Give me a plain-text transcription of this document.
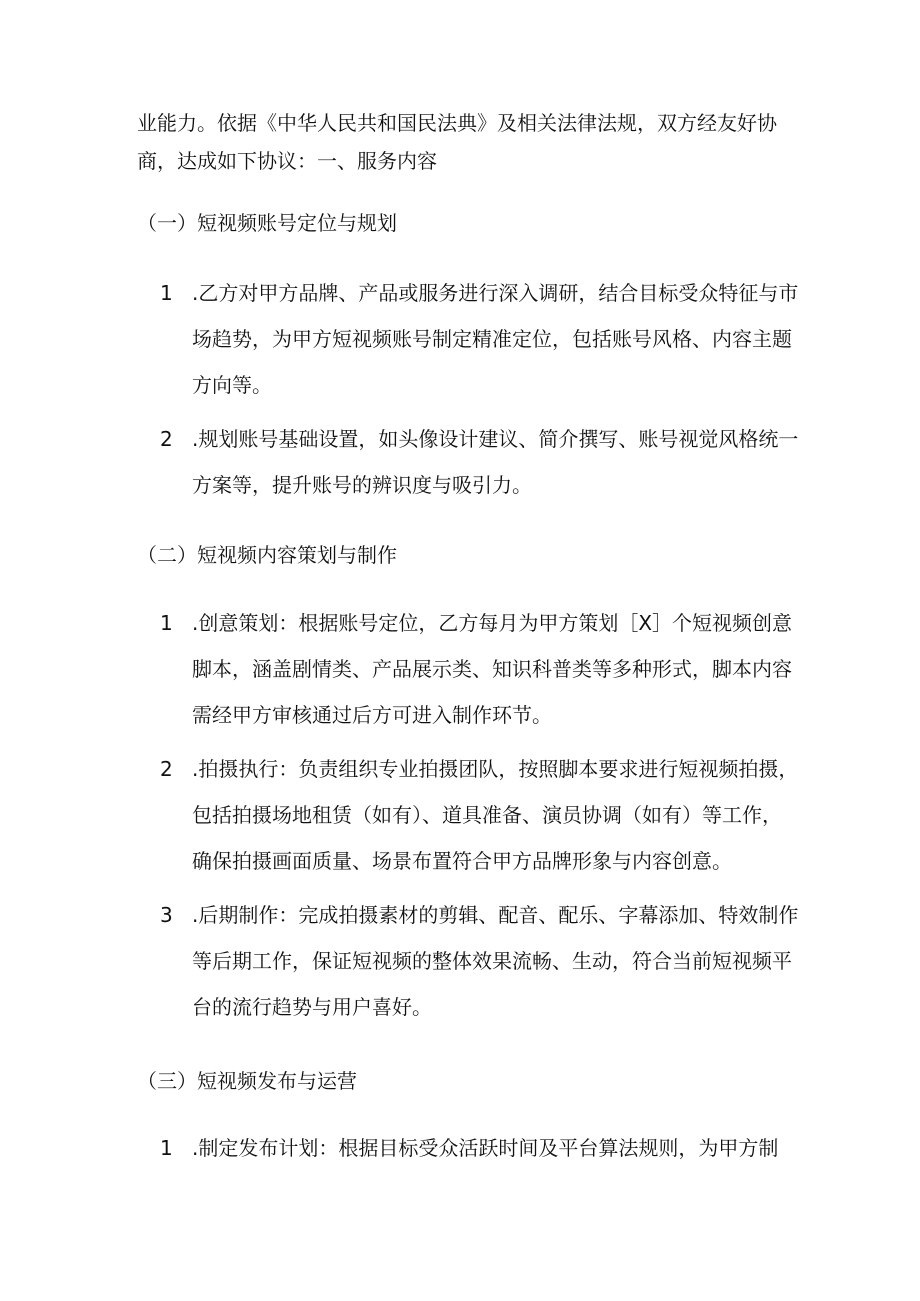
业能力。依据《中华人民共和国民法典》及相关法律法规，双方经友好协商，达成如下协议：一、服务内容

（一）短视频账号定位与规划

1 .乙方对甲方品牌、产品或服务进行深入调研，结合目标受众特征与市场趋势，为甲方短视频账号制定精准定位，包括账号风格、内容主题方向等。
2 .规划账号基础设置，如头像设计建议、简介撰写、账号视觉风格统一方案等，提升账号的辨识度与吸引力。

（二）短视频内容策划与制作

1 .创意策划：根据账号定位，乙方每月为甲方策划［X］个短视频创意脚本，涵盖剧情类、产品展示类、知识科普类等多种形式，脚本内容需经甲方审核通过后方可进入制作环节。
2 .拍摄执行：负责组织专业拍摄团队，按照脚本要求进行短视频拍摄，包括拍摄场地租赁（如有）、道具准备、演员协调（如有）等工作，确保拍摄画面质量、场景布置符合甲方品牌形象与内容创意。
3 .后期制作：完成拍摄素材的剪辑、配音、配乐、字幕添加、特效制作等后期工作，保证短视频的整体效果流畅、生动，符合当前短视频平台的流行趋势与用户喜好。

（三）短视频发布与运营

1 .制定发布计划：根据目标受众活跃时间及平台算法规则，为甲方制
